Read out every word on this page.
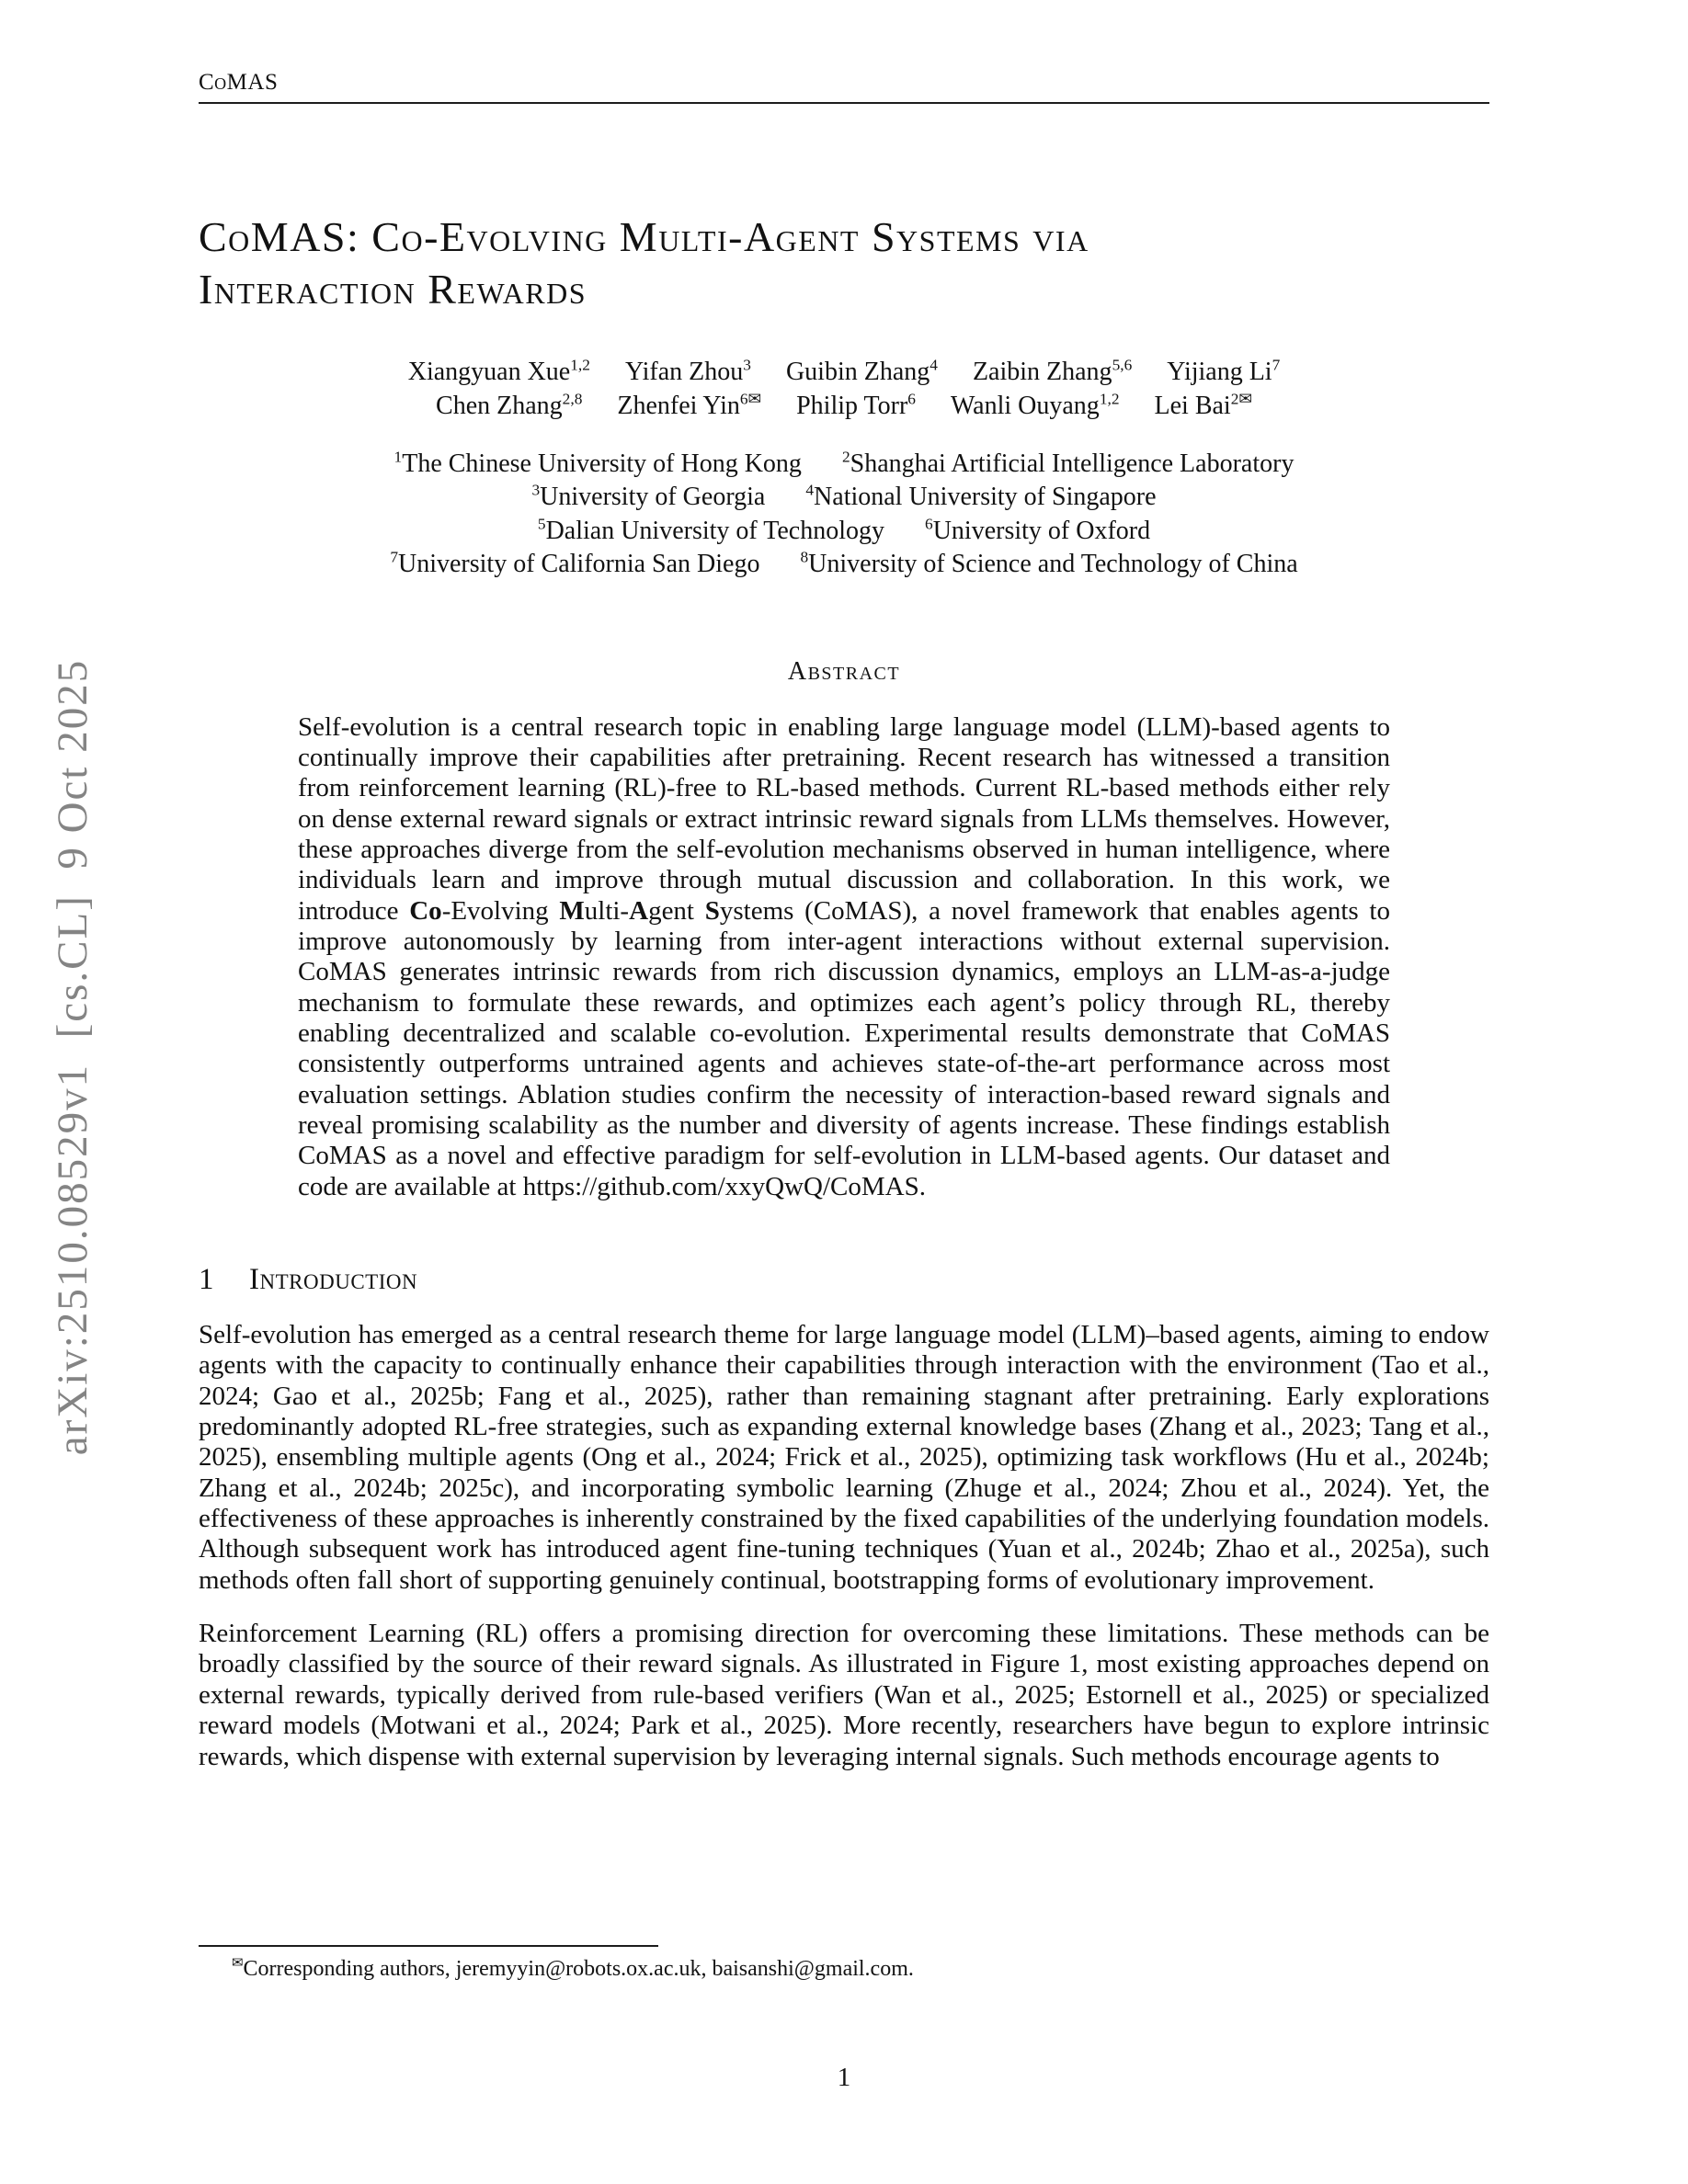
arXiv:2510.08529v1  [cs.CL]  9 Oct 2025
CoMAS
CoMAS: Co-Evolving Multi-Agent Systems via
Interaction Rewards
Xiangyuan Xue$^{1,2}$ Yifan Zhou$^3$ Guibin Zhang$^4$ Zaibin Zhang$^{5,6}$ Yijiang Li$^7$
Chen Zhang$^{2,8}$ Zhenfei Yin$^{6✉}$ Philip Torr$^6$ Wanli Ouyang$^{1,2}$ Lei Bai$^{2✉}$
$^1$The Chinese University of Hong Kong	$^2$Shanghai Artificial Intelligence Laboratory
$^3$University of Georgia	$^4$National University of Singapore
$^5$Dalian University of Technology	$^6$University of Oxford
$^7$University of California San Diego	$^8$University of Science and Technology of China
Abstract

Self-evolution is a central research topic in enabling large language model (LLM)-based agents to continually improve their capabilities after pretraining. Recent research has witnessed a transition from reinforcement learning (RL)-free to RL-based methods. Current RL-based methods either rely on dense external reward signals or extract intrinsic reward signals from LLMs themselves. However, these approaches diverge from the self-evolution mechanisms observed in human intelligence, where individuals learn and improve through mutual discussion and collaboration. In this work, we introduce Co-Evolving Multi-Agent Systems (CoMAS), a novel framework that enables agents to improve autonomously by learning from inter-agent interactions without external supervision. CoMAS generates intrinsic rewards from rich discussion dynamics, employs an LLM-as-a-judge mechanism to formulate these rewards, and optimizes each agent’s policy through RL, thereby enabling decentralized and scalable co-evolution. Experimental results demonstrate that CoMAS consistently outperforms untrained agents and achieves state-of-the-art performance across most evaluation settings. Ablation studies confirm the necessity of interaction-based reward signals and reveal promising scalability as the number and diversity of agents increase. These findings establish CoMAS as a novel and effective paradigm for self-evolution in LLM-based agents. Our dataset and code are available at https://github.com/xxyQwQ/CoMAS.

1 Introduction

Self-evolution has emerged as a central research theme for large language model (LLM)–based agents, aiming to endow agents with the capacity to continually enhance their capabilities through interaction with the environment (Tao et al., 2024; Gao et al., 2025b; Fang et al., 2025), rather than remaining stagnant after pretraining. Early explorations predominantly adopted RL-free strategies, such as expanding external knowledge bases (Zhang et al., 2023; Tang et al., 2025), ensembling multiple agents (Ong et al., 2024; Frick et al., 2025), optimizing task workflows (Hu et al., 2024b; Zhang et al., 2024b; 2025c), and incorporating symbolic learning (Zhuge et al., 2024; Zhou et al., 2024). Yet, the effectiveness of these approaches is inherently constrained by the fixed capabilities of the underlying foundation models. Although subsequent work has introduced agent fine-tuning techniques (Yuan et al., 2024b; Zhao et al., 2025a), such methods often fall short of supporting genuinely continual, bootstrapping forms of evolutionary improvement.

Reinforcement Learning (RL) offers a promising direction for overcoming these limitations. These methods can be broadly classified by the source of their reward signals. As illustrated in Figure 1, most existing approaches depend on external rewards, typically derived from rule-based verifiers (Wan et al., 2025; Estornell et al., 2025) or specialized reward models (Motwani et al., 2024; Park et al., 2025). More recently, researchers have begun to explore intrinsic rewards, which dispense with external supervision by leveraging internal signals. Such methods encourage agents to

✉Corresponding authors, jeremyyin@robots.ox.ac.uk, baisanshi@gmail.com.
1
